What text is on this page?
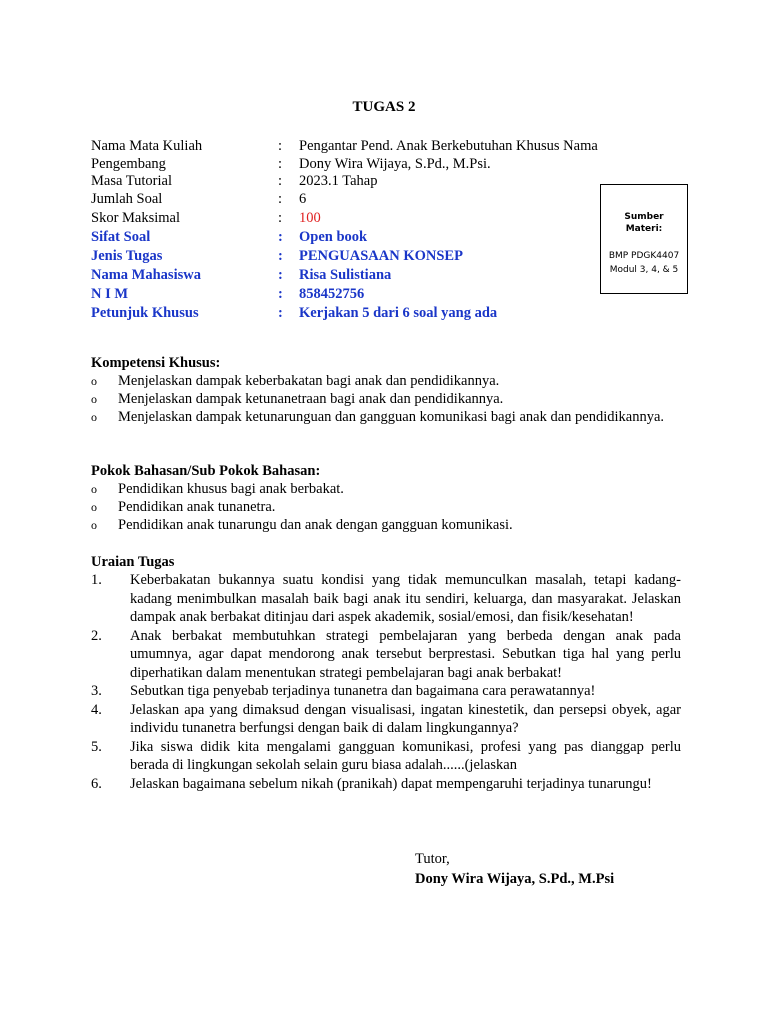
TUGAS 2
Nama Mata Kuliah	: Pengantar Pend. Anak Berkebutuhan Khusus Nama
Pengembang	: Dony Wira Wijaya, S.Pd., M.Psi.
Masa Tutorial	: 2023.1 Tahap
Jumlah Soal	: 6
Skor Maksimal	: 100
Sifat Soal	: Open book
Jenis Tugas	: PENGUASAAN KONSEP
Nama Mahasiswa	: Risa Sulistiana
N I M	: 858452756
Petunjuk Khusus	: Kerjakan 5 dari 6 soal yang ada
Sumber
Materi:
BMP PDGK4407
Modul 3, 4, & 5
Kompetensi Khusus:
o Menjelaskan dampak keberbakatan bagi anak dan pendidikannya.
o Menjelaskan dampak ketunanetraan bagi anak dan pendidikannya.
o Menjelaskan dampak ketunarunguan dan gangguan komunikasi bagi anak dan pendidikannya.
Pokok Bahasan/Sub Pokok Bahasan:
o Pendidikan khusus bagi anak berbakat.
o Pendidikan anak tunanetra.
o Pendidikan anak tunarungu dan anak dengan gangguan komunikasi.
Uraian Tugas
1. Keberbakatan bukannya suatu kondisi yang tidak memunculkan masalah, tetapi kadang-kadang menimbulkan masalah baik bagi anak itu sendiri, keluarga, dan masyarakat. Jelaskan dampak anak berbakat ditinjau dari aspek akademik, sosial/emosi, dan fisik/kesehatan!
2. Anak berbakat membutuhkan strategi pembelajaran yang berbeda dengan anak pada umumnya, agar dapat mendorong anak tersebut berprestasi. Sebutkan tiga hal yang perlu diperhatikan dalam menentukan strategi pembelajaran bagi anak berbakat!
3. Sebutkan tiga penyebab terjadinya tunanetra dan bagaimana cara perawatannya!
4. Jelaskan apa yang dimaksud dengan visualisasi, ingatan kinestetik, dan persepsi obyek, agar individu tunanetra berfungsi dengan baik di dalam lingkungannya?
5. Jika siswa didik kita mengalami gangguan komunikasi, profesi yang pas dianggap perlu berada di lingkungan sekolah selain guru biasa adalah......(jelaskan
6. Jelaskan bagaimana sebelum nikah (pranikah) dapat mempengaruhi terjadinya tunarungu!
Tutor,
Dony Wira Wijaya, S.Pd., M.Psi
